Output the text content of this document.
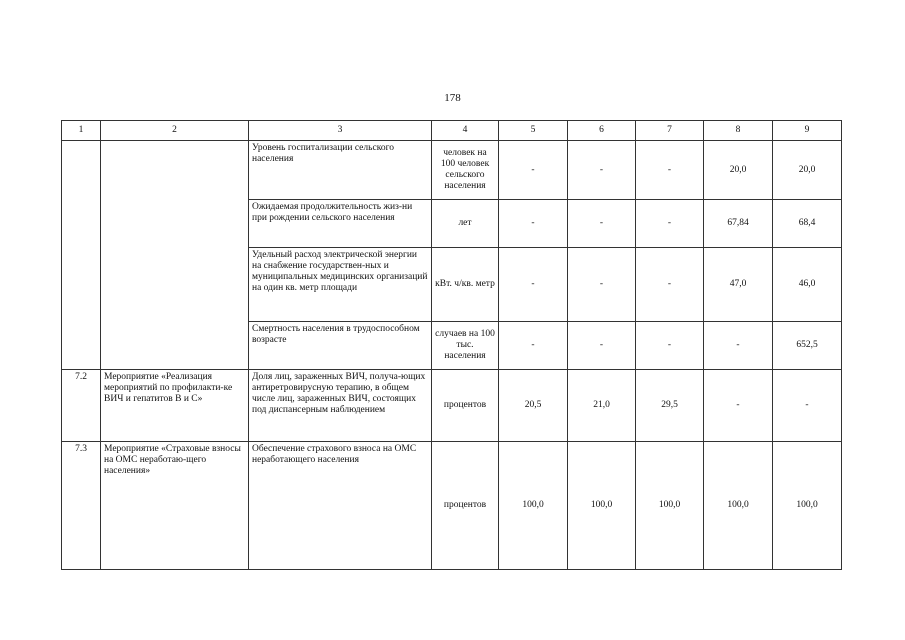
178
1	2	3	4	5	6	7	8	9
		Уровень госпитализации сельского населения	человек на 100 человек сельского населения	-	-	-	20,0	20,0
		Ожидаемая продолжительность жиз-ни при рождении сельского населения	лет	-	-	-	67,84	68,4
		Удельный расход электрической энергии на снабжение государствен-ных и муниципальных медицинских организаций на один кв. метр площади	кВт. ч/кв. метр	-	-	-	47,0	46,0
		Смертность населения в трудоспособном возрасте	случаев на 100 тыс. населения	-	-	-	-	652,5
7.2	Мероприятие «Реализация мероприятий по профилакти-ке ВИЧ и гепатитов В и С»	Доля лиц, зараженных ВИЧ, получа-ющих антиретровирусную терапию, в общем числе лиц, зараженных ВИЧ, состоящих под диспансерным наблюдением	процентов	20,5	21,0	29,5	-	-
7.3	Мероприятие «Страховые взносы на ОМС неработаю-щего населения»	Обеспечение страхового взноса на ОМС неработающего населения	процентов	100,0	100,0	100,0	100,0	100,0
